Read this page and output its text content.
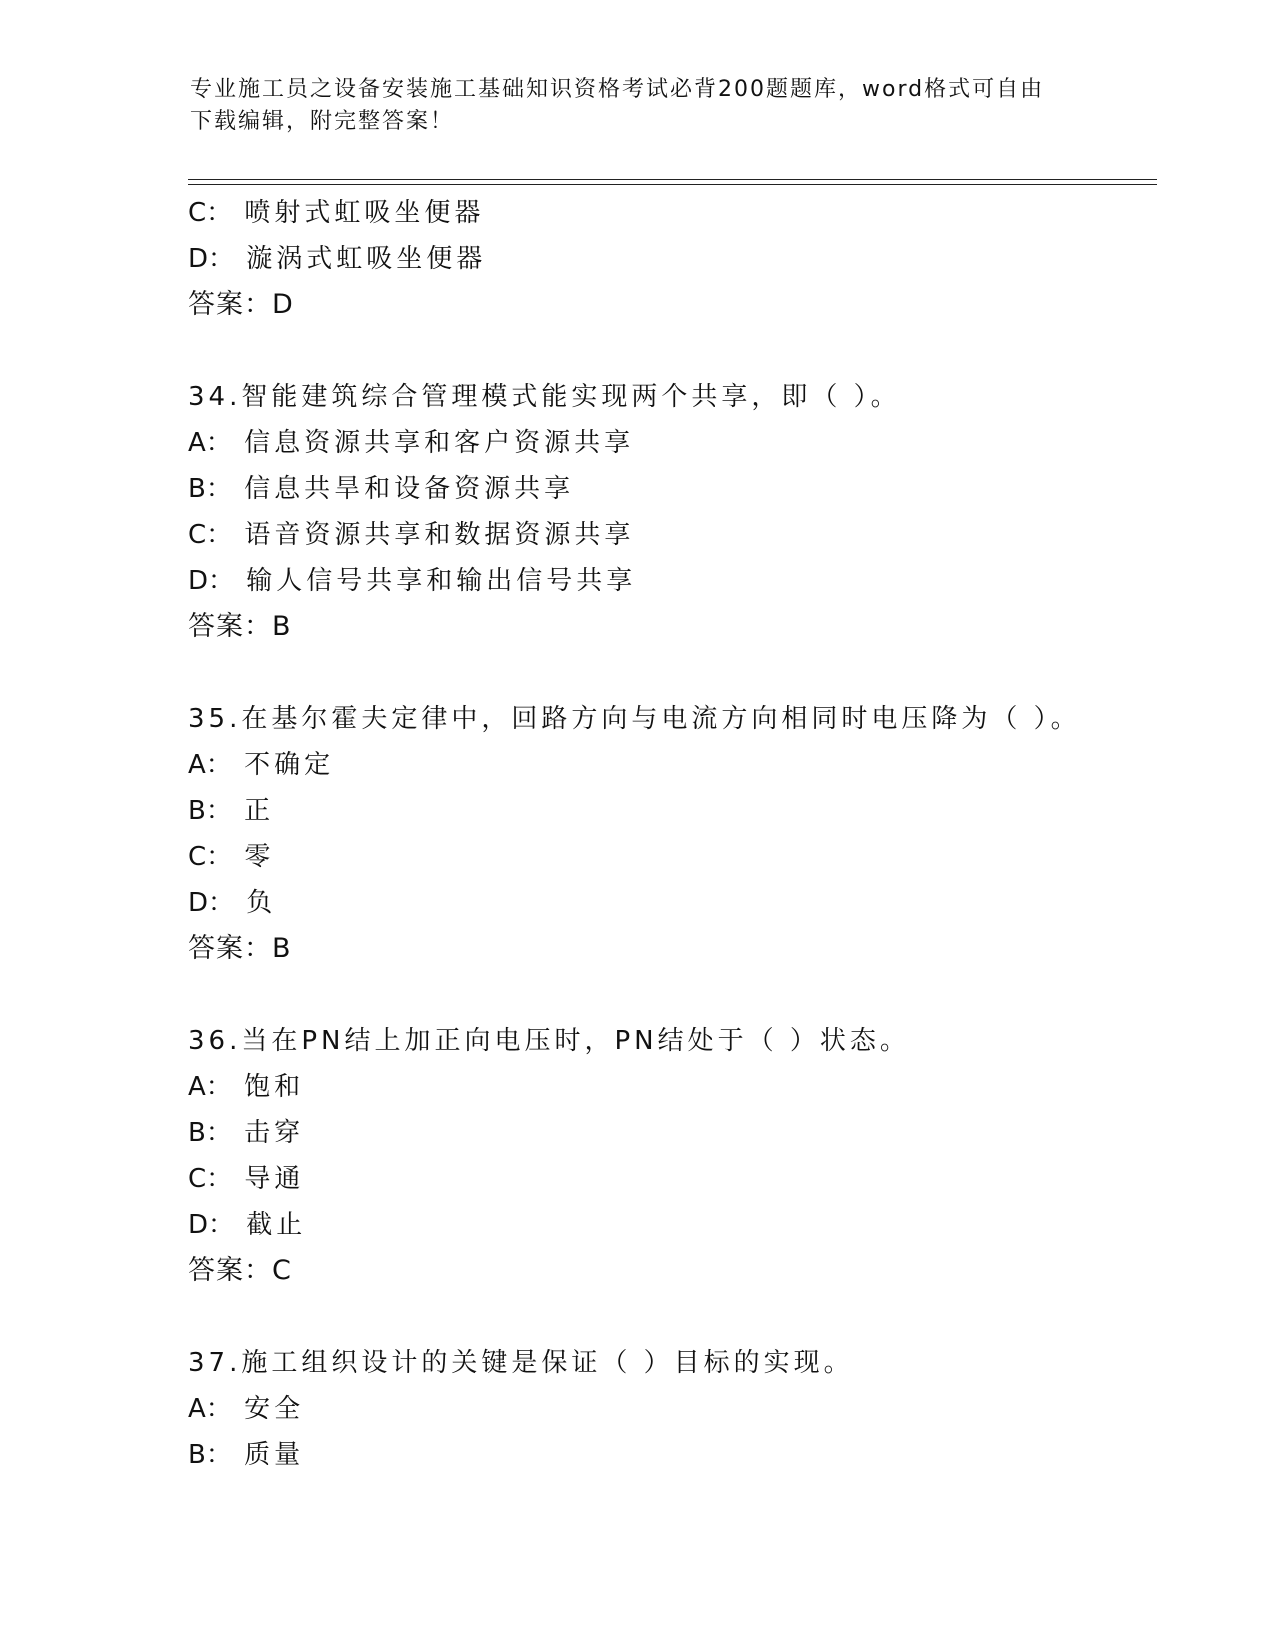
专业施工员之设备安装施工基础知识资格考试必背200题题库，word格式可自由
下载编辑，附完整答案！
C： 喷射式虹吸坐便器
D： 漩涡式虹吸坐便器
答案：D
34.智能建筑综合管理模式能实现两个共享，即（ ）。
A： 信息资源共享和客户资源共享
B： 信息共旱和设备资源共享
C： 语音资源共享和数据资源共享
D： 输人信号共享和输出信号共享
答案：B
35.在基尔霍夫定律中，回路方向与电流方向相同时电压降为（ ）。
A： 不确定
B： 正
C： 零
D： 负
答案：B
36.当在PN结上加正向电压时，PN结处于（ ）状态。
A： 饱和
B： 击穿
C： 导通
D： 截止
答案：C
37.施工组织设计的关键是保证（ ）目标的实现。
A： 安全
B： 质量
